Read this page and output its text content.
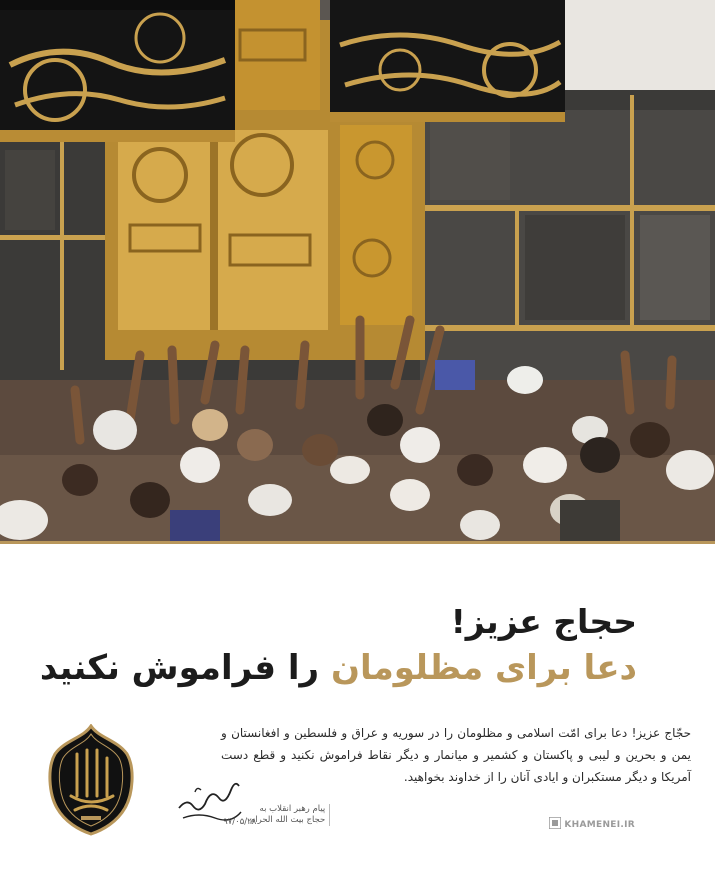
حجاج عزیز!
دعا برای مظلومان را فراموش نکنید
حجّاج عزیز! دعا برای امّت اسلامی و مظلومان را در سوریه و عراق و فلسطین و افغانستان و یمن و بحرین و لیبی و پاکستان و کشمیر و میانمار و دیگر نقاط فراموش نکنید و قطع دست آمریکا و دیگر مستکبران و ایادی آنان را از خداوند بخواهید.
پیام رهبر انقلاب به
حجاج بیت الله الحرام
۹۷/۰۵/۲۸	KHAMENEI.IR
